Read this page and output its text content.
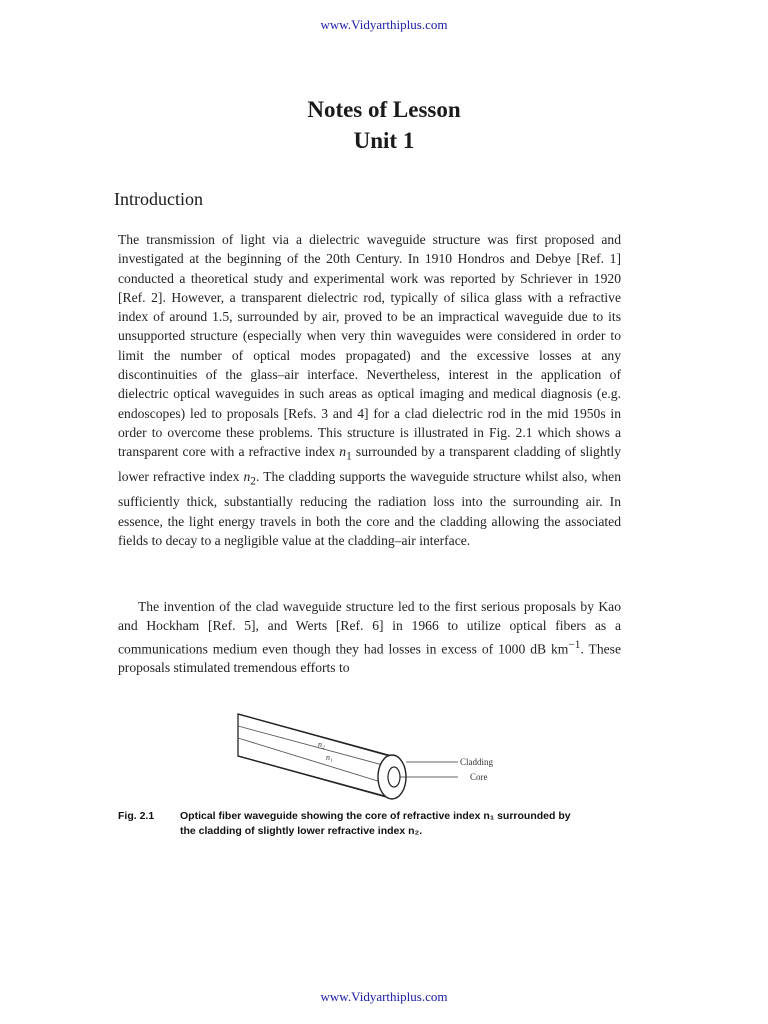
www.Vidyarthiplus.com
Notes of Lesson
Unit 1
Introduction
The transmission of light via a dielectric waveguide structure was first proposed and investigated at the beginning of the 20th Century. In 1910 Hondros and Debye [Ref. 1] conducted a theoretical study and experimental work was reported by Schriever in 1920 [Ref. 2]. However, a transparent dielectric rod, typically of silica glass with a refractive index of around 1.5, surrounded by air, proved to be an impractical waveguide due to its unsupported structure (especially when very thin waveguides were considered in order to limit the number of optical modes propagated) and the excessive losses at any discontinuities of the glass–air interface. Nevertheless, interest in the application of dielectric optical waveguides in such areas as optical imaging and medical diagnosis (e.g. endoscopes) led to proposals [Refs. 3 and 4] for a clad dielectric rod in the mid 1950s in order to overcome these problems. This structure is illustrated in Fig. 2.1 which shows a transparent core with a refractive index $n_1$ surrounded by a transparent cladding of slightly lower refractive index $n_2$. The cladding supports the waveguide structure whilst also, when sufficiently thick, substantially reducing the radiation loss into the surrounding air. In essence, the light energy travels in both the core and the cladding allowing the associated fields to decay to a negligible value at the cladding–air interface.
The invention of the clad waveguide structure led to the first serious proposals by Kao and Hockham [Ref. 5], and Werts [Ref. 6] in 1966 to utilize optical fibers as a communications medium even though they had losses in excess of 1000 dB $km^{-1}$. These proposals stimulated tremendous efforts to
n₂
n₁	Cladding
Core
Fig. 2.1 Optical fiber waveguide showing the core of refractive index n₁ surrounded by
the cladding of slightly lower refractive index n₂.
www.Vidyarthiplus.com
